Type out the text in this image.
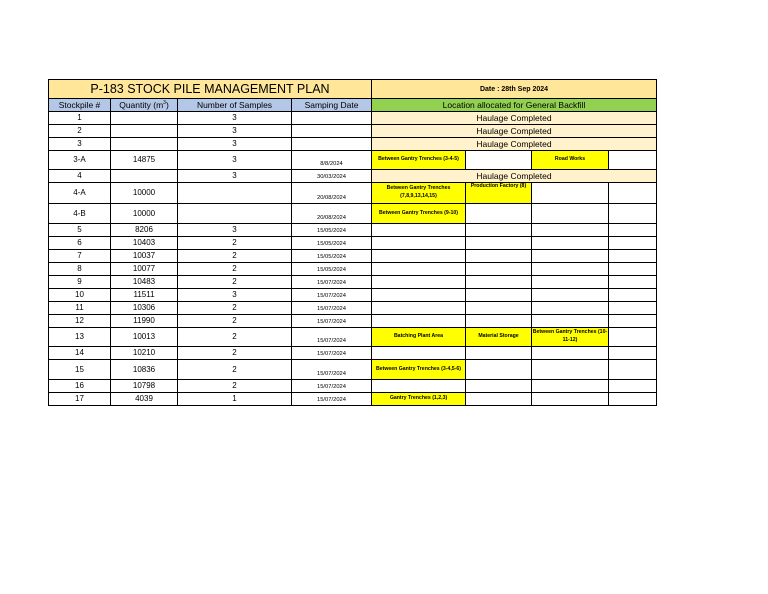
P-183 STOCK PILE MANAGEMENT PLAN				Date : 28th Sep 2024			
Stockpile #	Quantity $(m^3)$	Number of Samples	Samping Date	Location allocated for General Backfill			
1		3		Haulage Completed			
2		3		Haulage Completed			
3		3		Haulage Completed			
3-A	14875	3	8/8/2024	Between Gantry Trenches (3-4-5)		Road Works	
4		3	30/03/2024	Haulage Completed			
4-A	10000		20/08/2024	Between Gantry Trenches (7,8,9,13,14,15)	Production Factory (8)		
4-B	10000		20/08/2024	Between Gantry Trenches (9-10)			
5	8206	3	15/05/2024				
6	10403	2	15/05/2024				
7	10037	2	15/05/2024				
8	10077	2	15/05/2024				
9	10483	2	15/07/2024				
10	11511	3	15/07/2024				
11	10306	2	15/07/2024				
12	11990	2	15/07/2024				
13	10013	2	15/07/2024	Batching Plant Area	Material Storage	Between Gantry Trenches (10-11-12)	
14	10210	2	15/07/2024				
15	10836	2	15/07/2024	Between Gantry Trenches (3-4,5-6)			
16	10798	2	15/07/2024				
17	4039	1	15/07/2024	Gantry Trenches (1,2,3)			
